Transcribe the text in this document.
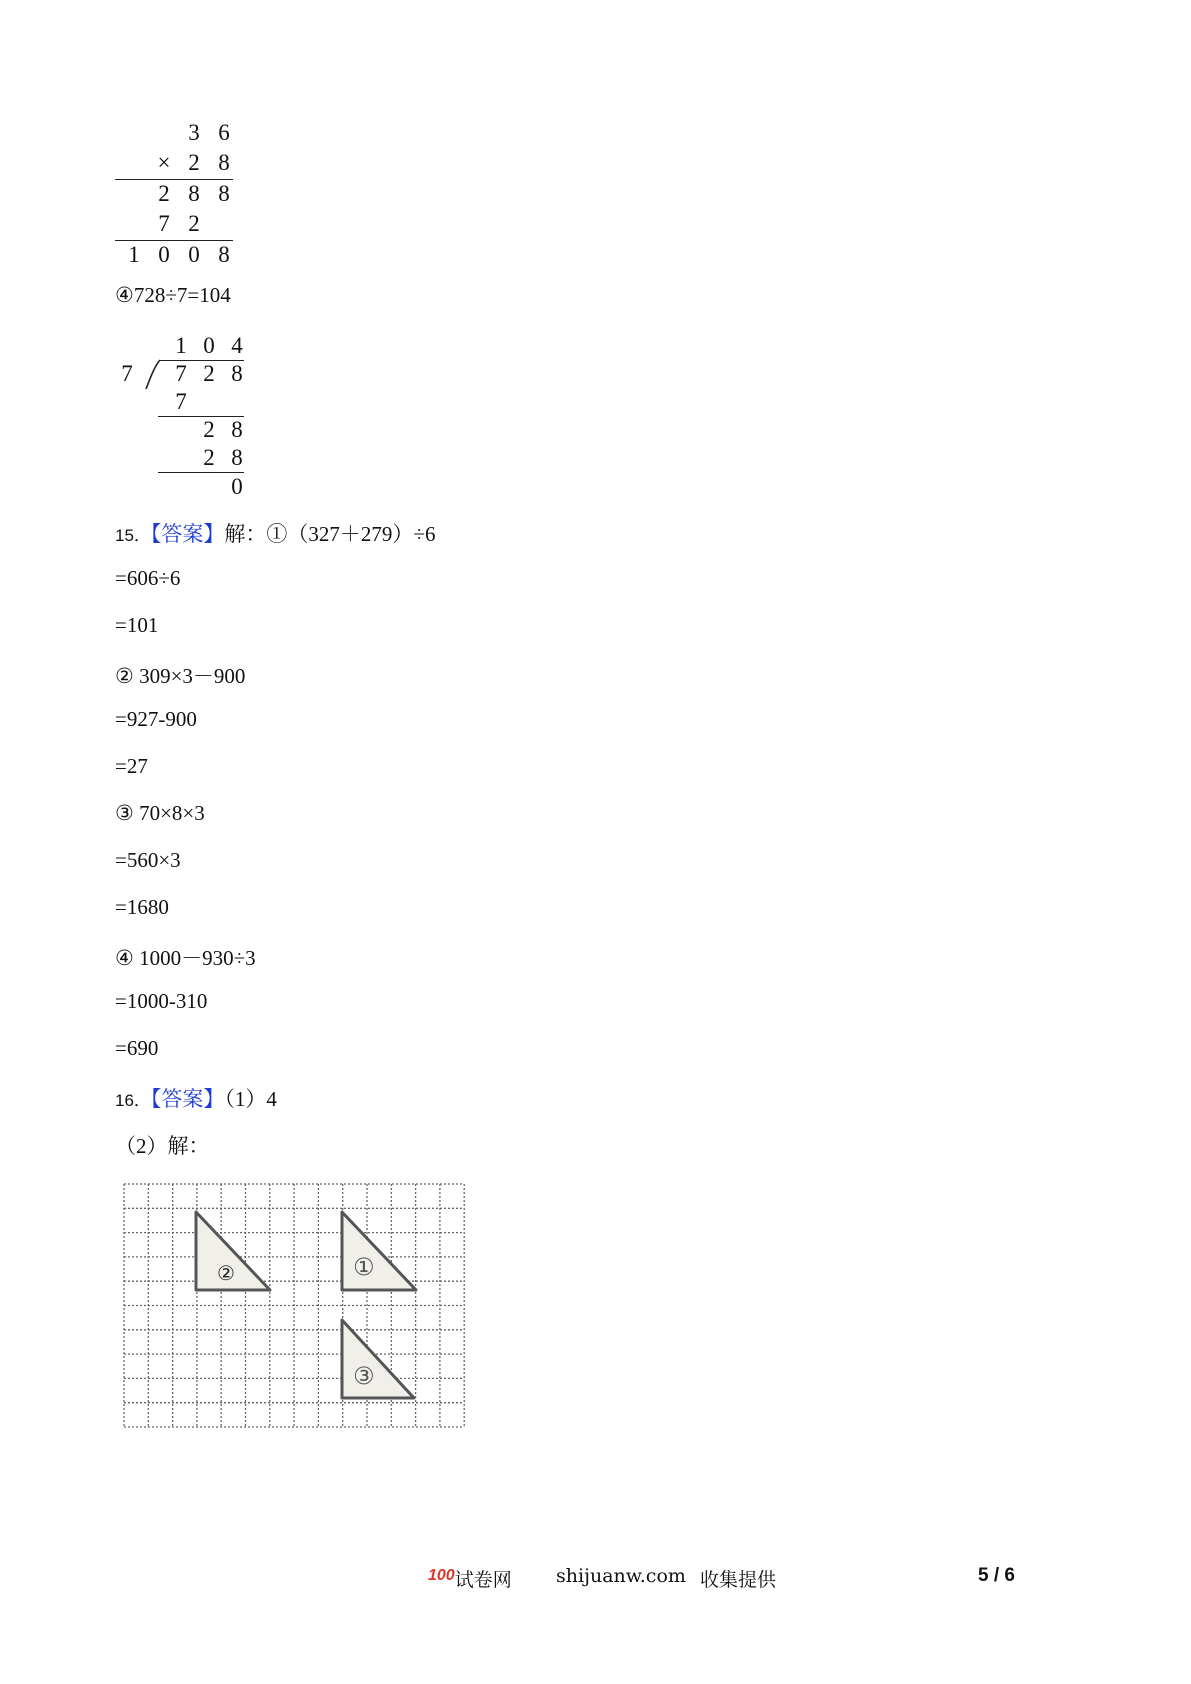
3 6
× 2 8
2 8 8
7 2
1 0 0 8
④728÷7=104
1 0 4
7	7 2 8
7
2 8
2 8
0
15．【答案】解：①（327＋279）÷6
=606÷6
=101
② 309×3－900
=927-900
=27
③ 70×8×3
=560×3
=1680
④ 1000－930÷3
=1000-310
=690
16．【答案】（1）4
（2）解：
②	①
③
$^{100}$试卷网 shijuanw.com 收集提供	5 / 6
